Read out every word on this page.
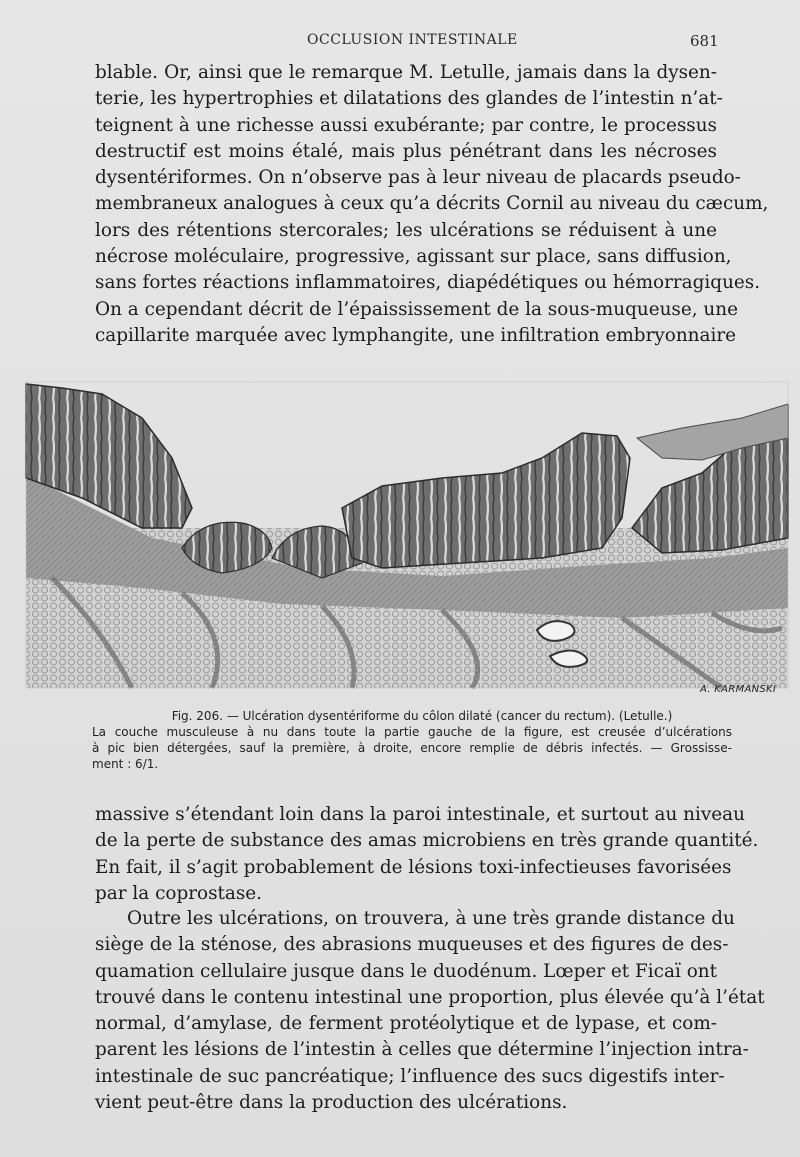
OCCLUSION INTESTINALE	681

blable. Or, ainsi que le remarque M. Letulle, jamais dans la dysen-
terie, les hypertrophies et dilatations des glandes de l’intestin n’at-
teignent à une richesse aussi exubérante; par contre, le processus
destructif est moins étalé, mais plus pénétrant dans les nécroses
dysentériformes. On n’observe pas à leur niveau de placards pseudo-
membraneux analogues à ceux qu’a décrits Cornil au niveau du cæcum,
lors des rétentions stercorales; les ulcérations se réduisent à une
nécrose moléculaire, progressive, agissant sur place, sans diffusion,
sans fortes réactions inflammatoires, diapédétiques ou hémorragiques.
On a cependant décrit de l’épaississement de la sous-muqueuse, une
capillarite marquée avec lymphangite, une infiltration embryonnaire

A. KARMANSKI
Fig. 206. — Ulcération dysentériforme du côlon dilaté (cancer du rectum). (Letulle.)
La couche musculeuse à nu dans toute la partie gauche de la figure, est creusée d’ulcérations
à pic bien détergées, sauf la première, à droite, encore remplie de débris infectés. — Grossisse-
ment : 6/1.

massive s’étendant loin dans la paroi intestinale, et surtout au niveau
de la perte de substance des amas microbiens en très grande quantité.
En fait, il s’agit probablement de lésions toxi-infectieuses favorisées
par la coprostase.

Outre les ulcérations, on trouvera, à une très grande distance du
siège de la sténose, des abrasions muqueuses et des figures de des-
quamation cellulaire jusque dans le duodénum. Lœper et Ficaï ont
trouvé dans le contenu intestinal une proportion, plus élevée qu’à l’état
normal, d’amylase, de ferment protéolytique et de lypase, et com-
parent les lésions de l’intestin à celles que détermine l’injection intra-
intestinale de suc pancréatique; l’influence des sucs digestifs inter-
vient peut-être dans la production des ulcérations.
